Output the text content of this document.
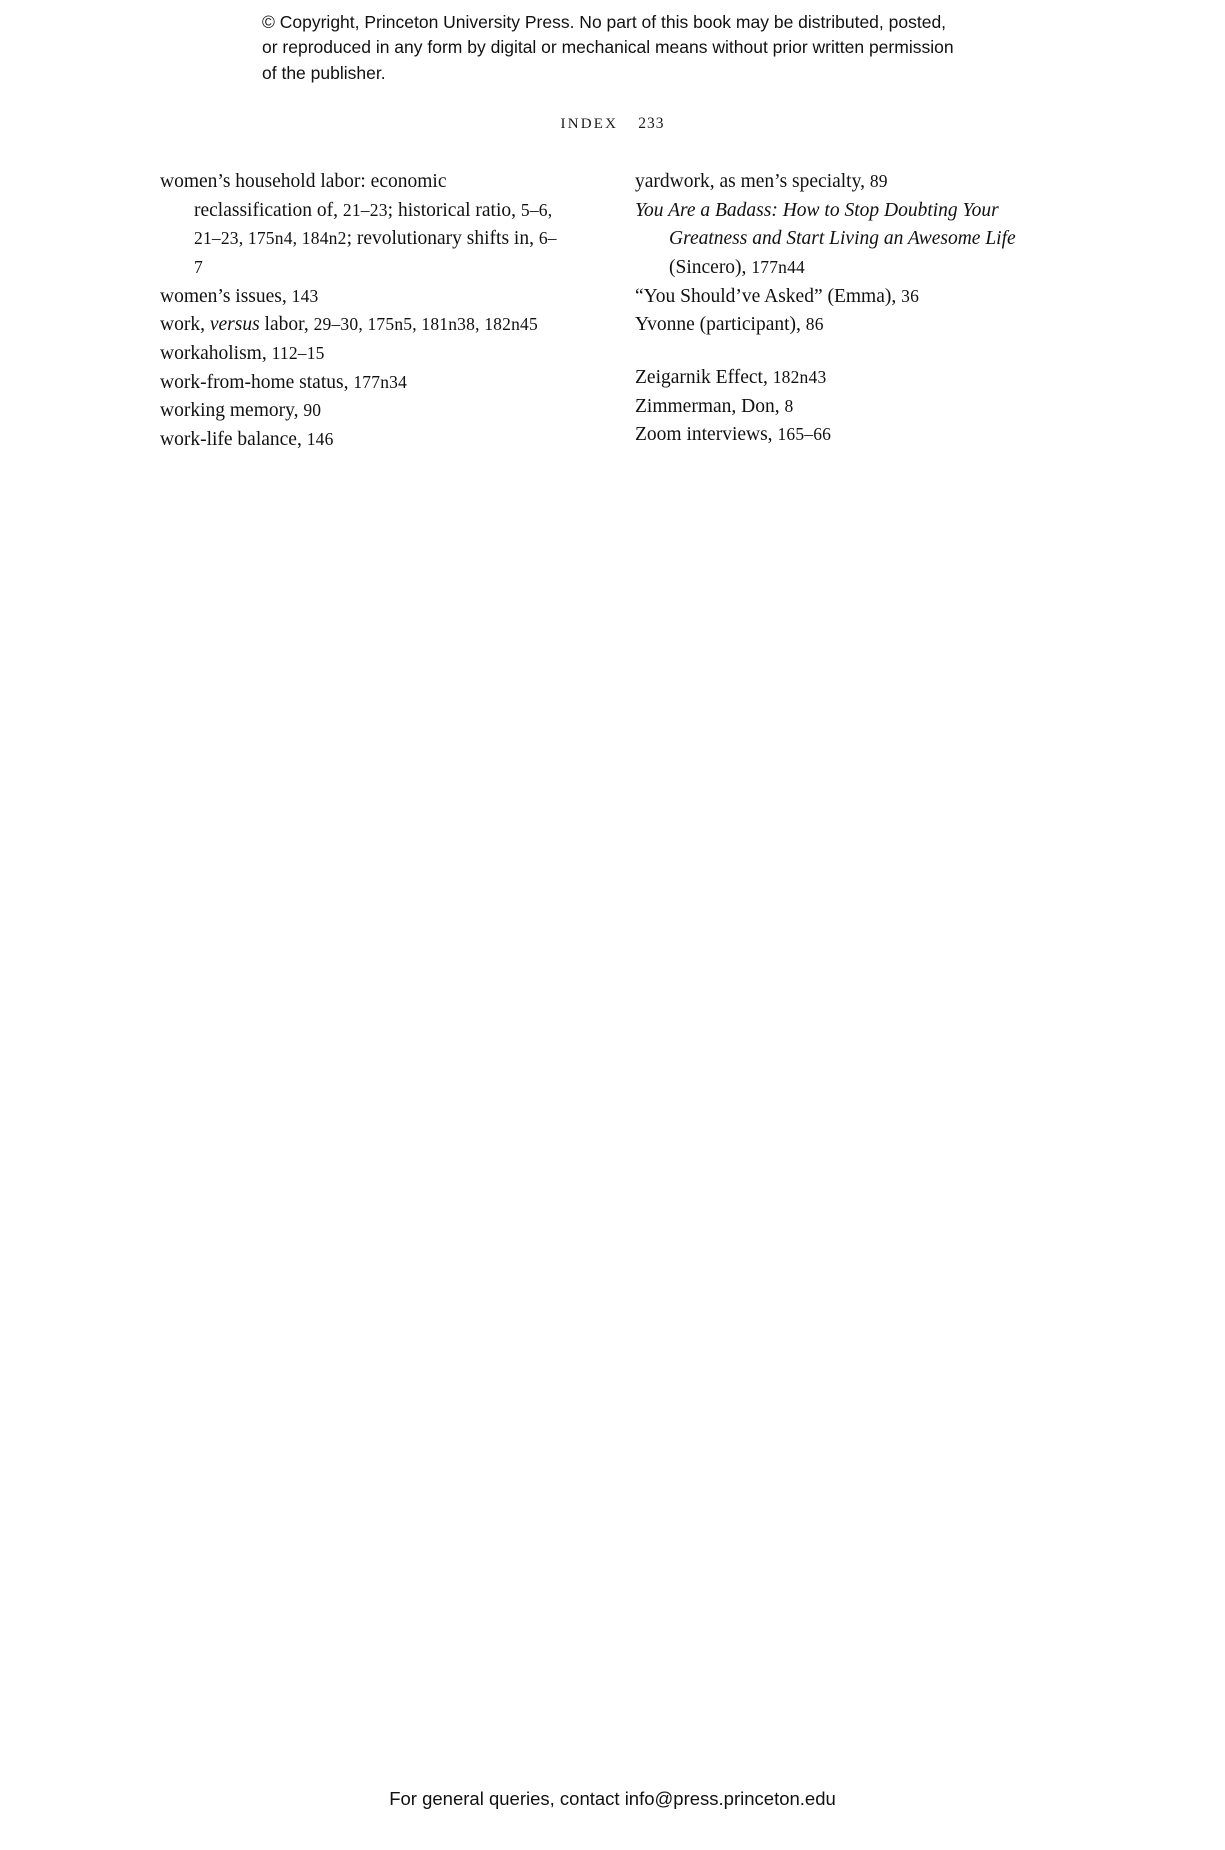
© Copyright, Princeton University Press. No part of this book may be distributed, posted, or reproduced in any form by digital or mechanical means without prior written permission of the publisher.
INDEX 233

women’s household labor: economic reclassification of, 21–23; historical ratio, 5–6, 21–23, 175n4, 184n2; revolutionary shifts in, 6–7

women’s issues, 143

work, versus labor, 29–30, 175n5, 181n38, 182n45

workaholism, 112–15

work-from-home status, 177n34

working memory, 90

work-life balance, 146

yardwork, as men’s specialty, 89

You Are a Badass: How to Stop Doubting Your Greatness and Start Living an Awesome Life (Sincero), 177n44

“You Should’ve Asked” (Emma), 36

Yvonne (participant), 86

Zeigarnik Effect, 182n43

Zimmerman, Don, 8

Zoom interviews, 165–66

For general queries, contact info@press.princeton.edu
